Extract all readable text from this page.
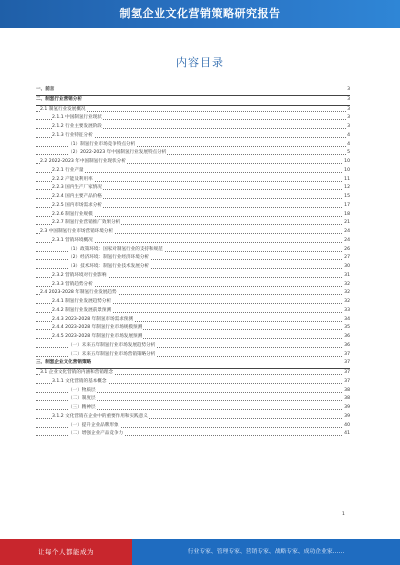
制氢企业文化营销策略研究报告
内容目录
一、前言	3
二、制氢行业营销分析	3
2.1 制氢行业发展概况	3
2.1.1 中国制氢行业现状	3
2.1.2 行业主要发展阶段	3
2.1.3 行业特征分析	4
（1）制氢行业市场竞争特点分析	4
（2）2022-2023 年中国制氢行业发展特点分析	5
2.2 2022-2023 年中国制氢行业现状分析	10
2.2.1 行业产量	10
2.2.2 产能及利用率	11
2.2.3 国内生产厂家情况	12
2.2.4 国内主要产品价格	15
2.2.5 国内市场需求分析	17
2.2.6 制氢行业规模	18
2.2.7 制氢行业营销推广效果分析	21
2.3 中国制氢行业市场营销环境分析	24
2.3.1 营销环境概况	24
（1）政策环境：国家对制氢行业的支持和规范	26
（2）经济环境：制氢行业经济环境分析	27
（3）技术环境：制氢行业技术发展分析	30
2.3.2 营销环境对行业影响	31
2.3.3 营销趋势分析	32
2.4 2023-2028 年制氢行业发展趋势	32
2.4.1 制氢行业发展趋势分析	32
2.4.2 制氢行业发展前景预测	33
2.4.3 2023-2028 年制氢市场需求预测	34
2.4.4 2023-2028 年制氢行业市场规模预测	35
2.4.5 2023-2028 年制氢行业市场发展预测	36
（一）未来五年制氢行业市场发展趋势分析	36
（二）未来五年制氢行业市场营销策略分析	37
三、制氢企业文化营销策略	37
3.1 企业文化营销的内涵和营销理念	37
3.1.1 文化营销的基本概念	37
（一）物质层	38
（二）制度层	38
（三）精神层	39
3.1.2 文化营销在企业中的重要作用和实践意义	39
（一）提升企业品牌形象	40
（二）增强企业产品竞争力	41
1
让每个人都能成为	行业专家、管理专家、营销专家、战略专家、成功企业家……
